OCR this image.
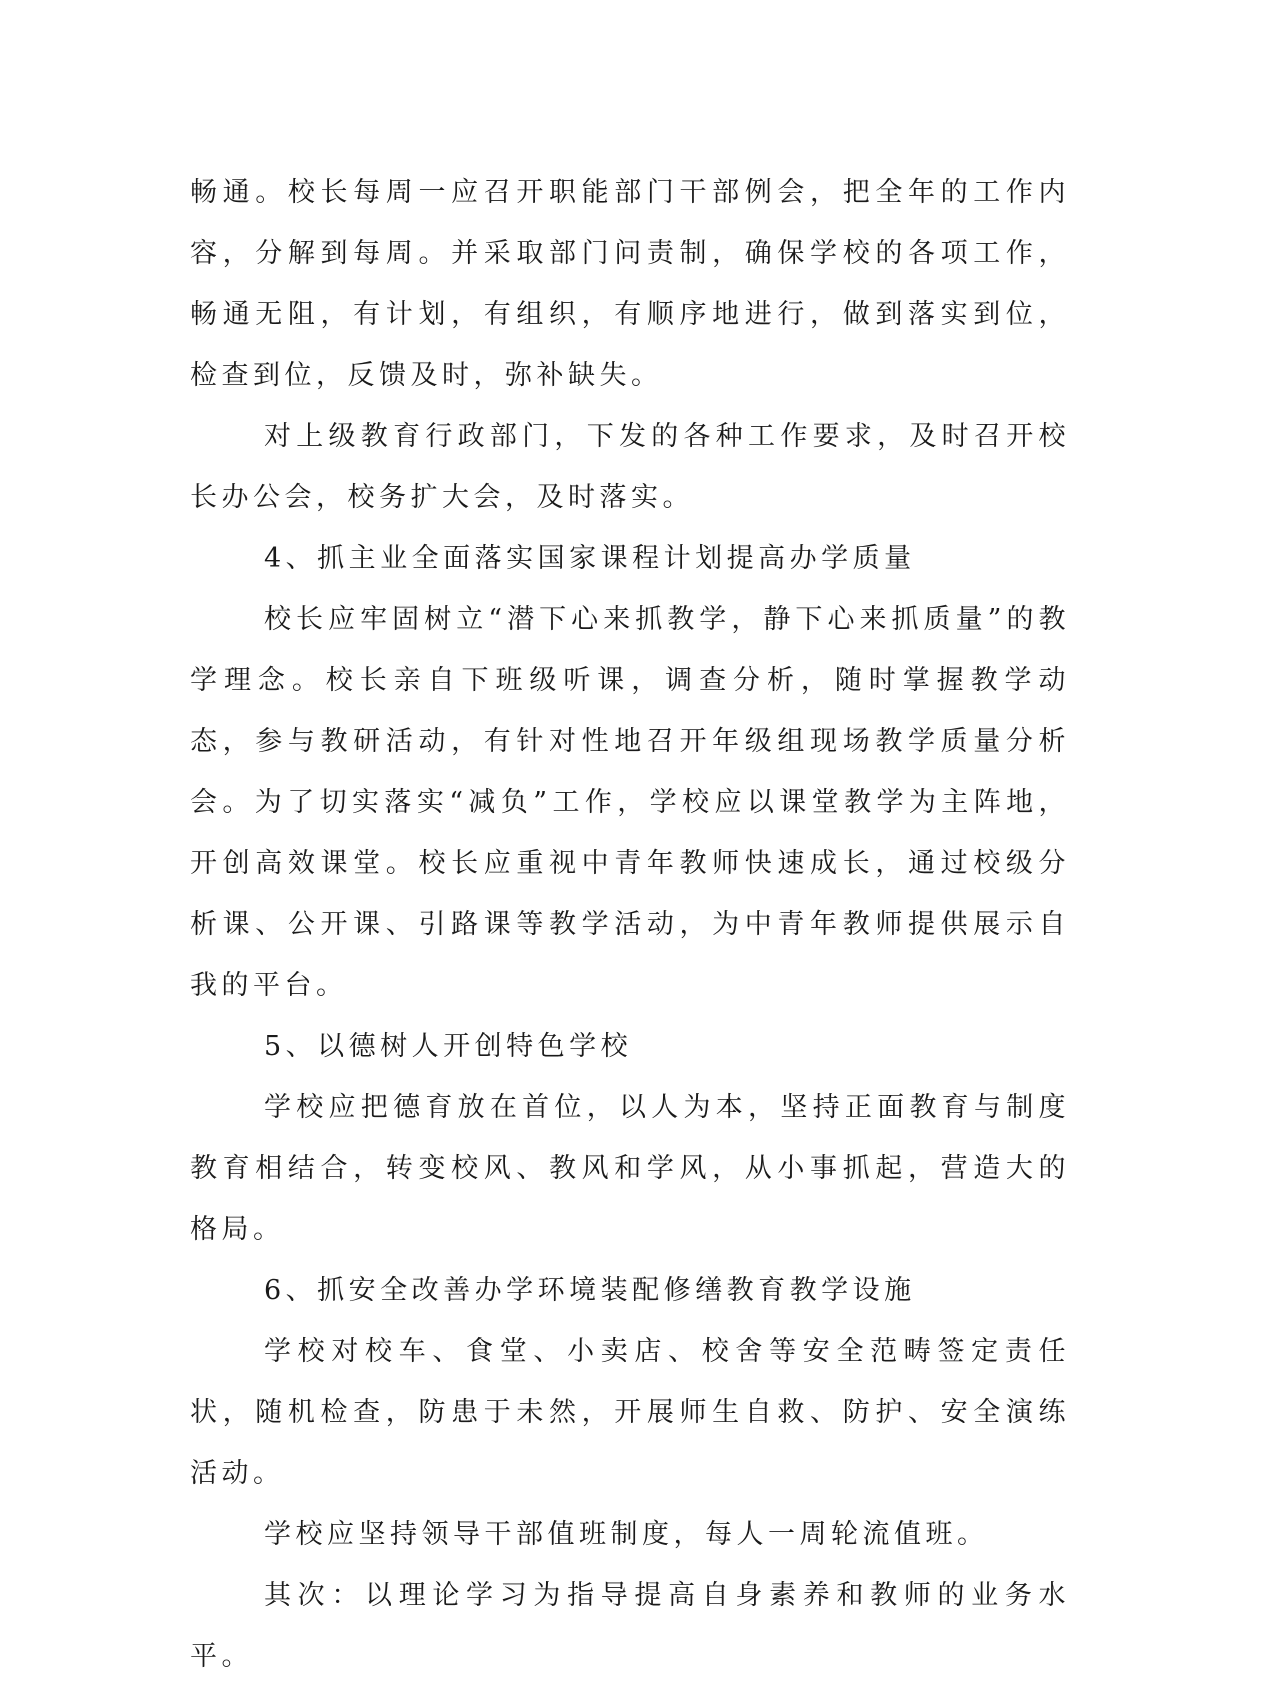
畅通。校长每周一应召开职能部门干部例会，把全年的工作内容，分解到每周。并采取部门问责制，确保学校的各项工作，畅通无阻，有计划，有组织，有顺序地进行，做到落实到位，检查到位，反馈及时，弥补缺失。

对上级教育行政部门，下发的各种工作要求，及时召开校长办公会，校务扩大会，及时落实。

4、抓主业全面落实国家课程计划提高办学质量

校长应牢固树立“潜下心来抓教学，静下心来抓质量”的教学理念。校长亲自下班级听课，调查分析，随时掌握教学动态，参与教研活动，有针对性地召开年级组现场教学质量分析会。为了切实落实“减负”工作，学校应以课堂教学为主阵地，开创高效课堂。校长应重视中青年教师快速成长，通过校级分析课、公开课、引路课等教学活动，为中青年教师提供展示自我的平台。

5、以德树人开创特色学校

学校应把德育放在首位，以人为本，坚持正面教育与制度教育相结合，转变校风、教风和学风，从小事抓起，营造大的格局。

6、抓安全改善办学环境装配修缮教育教学设施

学校对校车、食堂、小卖店、校舍等安全范畴签定责任状，随机检查，防患于未然，开展师生自救、防护、安全演练活动。

学校应坚持领导干部值班制度，每人一周轮流值班。

其次：以理论学习为指导提高自身素养和教师的业务水平。
